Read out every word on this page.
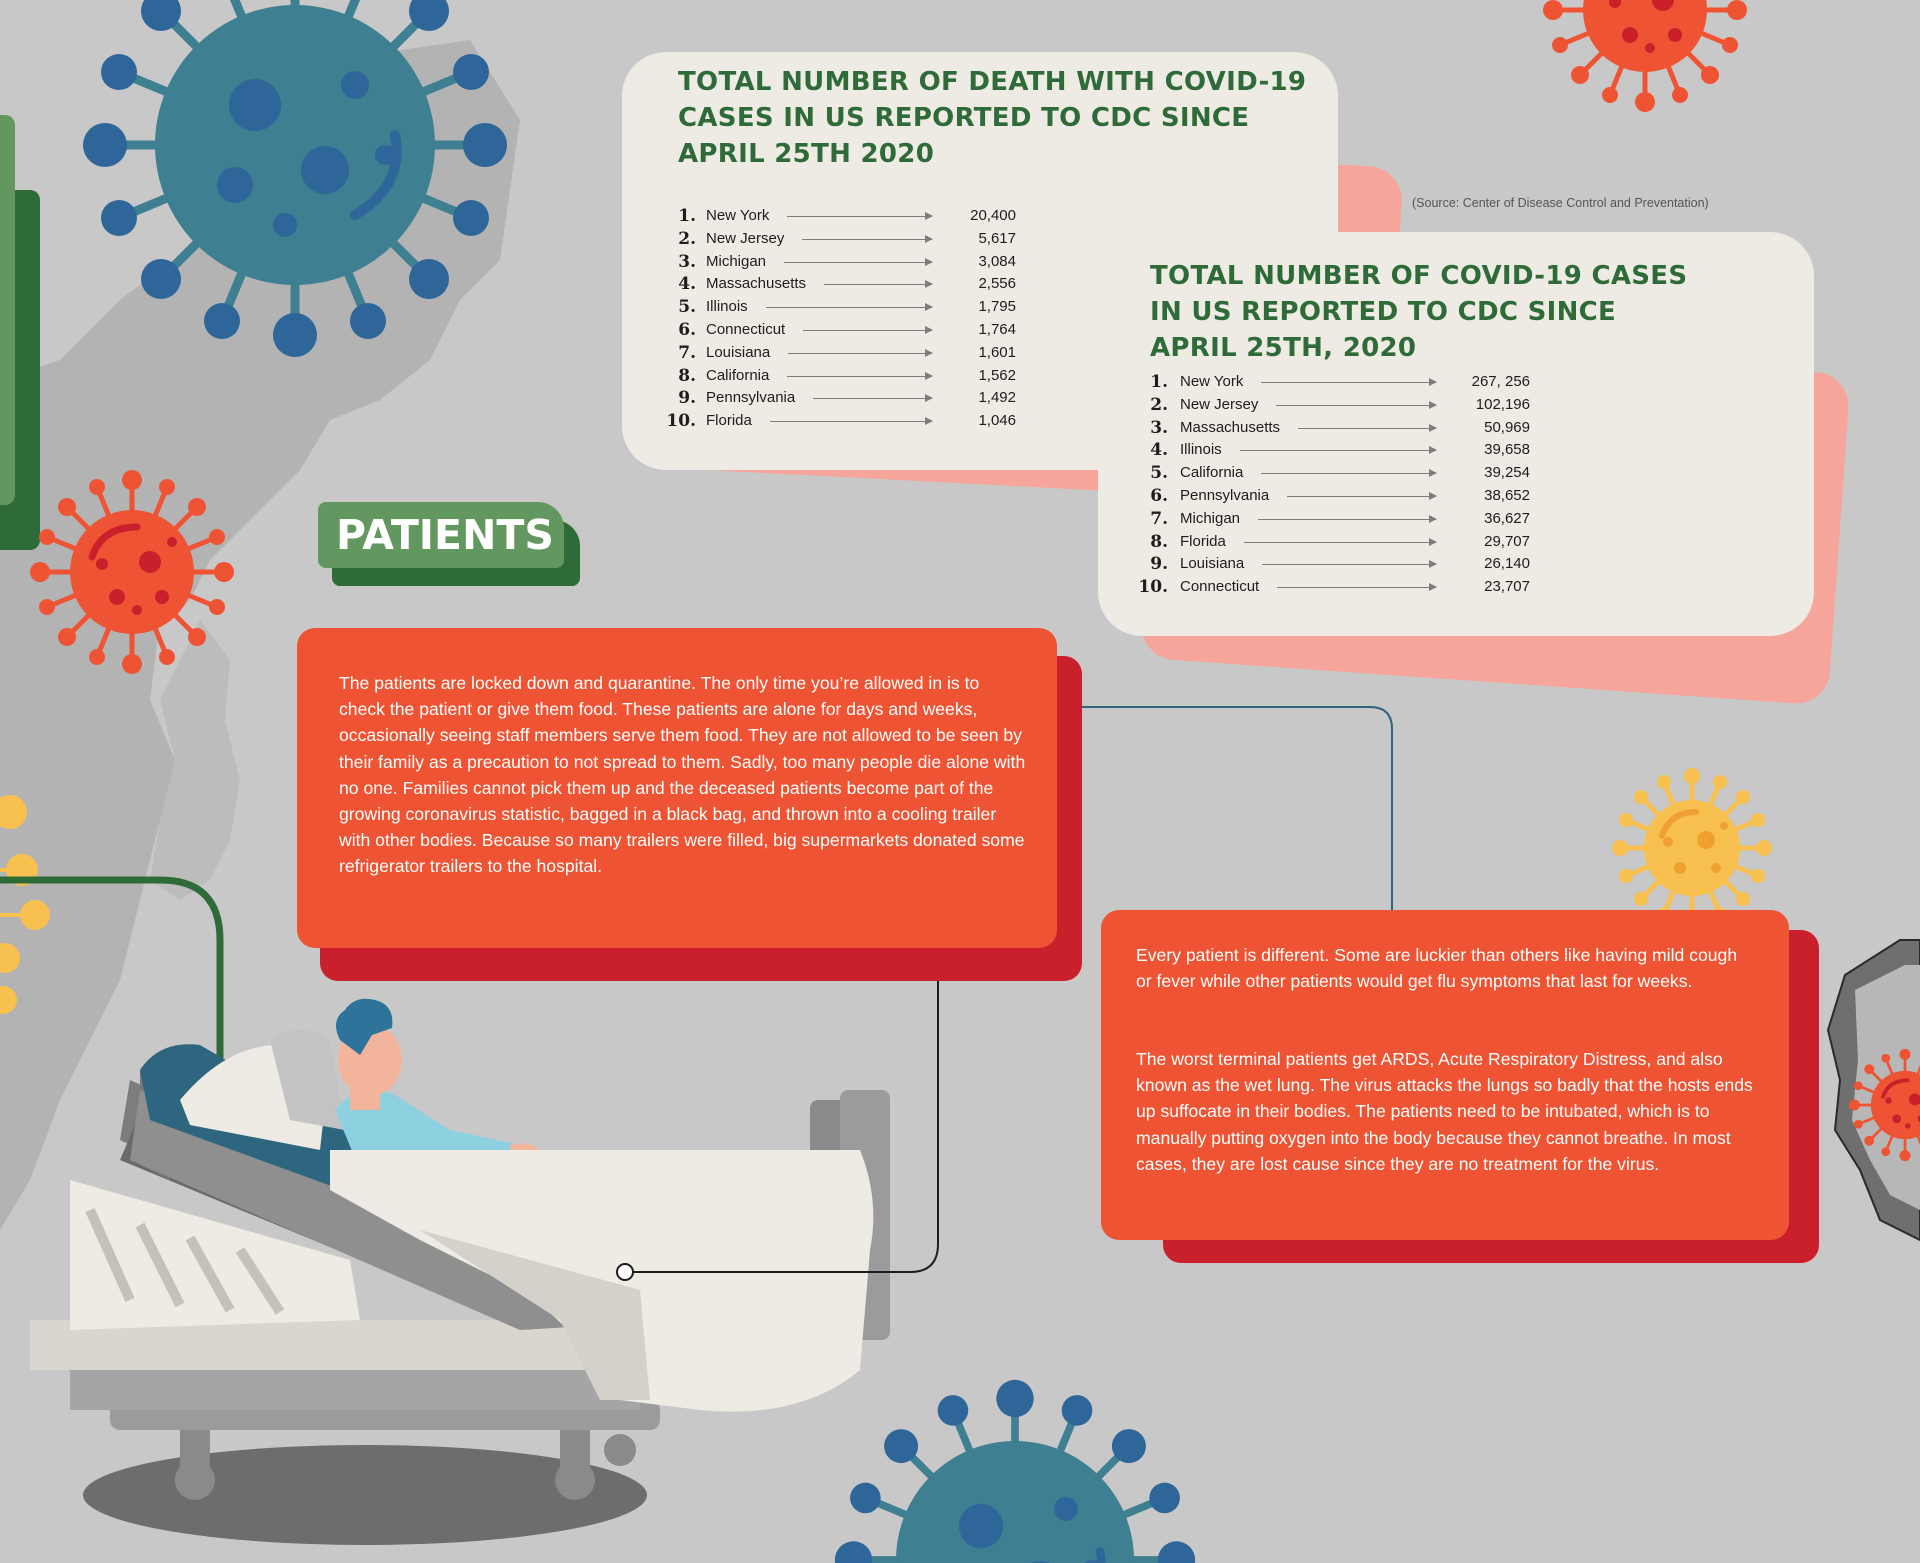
TOTAL NUMBER OF DEATH WITH COVID-19 CASES IN US REPORTED TO CDC SINCE APRIL 25TH 2020
1. New York	20,400
2. New Jersey	5,617
3. Michigan	3,084
4. Massachusetts	2,556
5. Illinois	1,795
6. Connecticut	1,764
7. Louisiana	1,601
8. California	1,562
9. Pennsylvania	1,492
10. Florida	1,046
(Source: Center of Disease Control and Preventation)
TOTAL NUMBER OF COVID-19 CASES IN US REPORTED TO CDC SINCE APRIL 25TH, 2020
1. New York	267, 256
2. New Jersey	102,196
3. Massachusetts	50,969
4. Illinois	39,658
5. California	39,254
6. Pennsylvania	38,652
7. Michigan	36,627
8. Florida	29,707
9. Louisiana	26,140
10. Connecticut	23,707
PATIENTS

The patients are locked down and quarantine. The only time you’re allowed in is to check the patient or give them food. These patients are alone for days and weeks, occasionally seeing staff members serve them food. They are not allowed to be seen by their family as a precaution to not spread to them. Sadly, too many people die alone with no one. Families cannot pick them up and the deceased patients become part of the growing coronavirus statistic, bagged in a black bag, and thrown into a cooling trailer with other bodies. Because so many trailers were filled, big supermarkets donated some refrigerator trailers to the hospital.

Every patient is different. Some are luckier than others like having mild cough or fever while other patients would get flu symptoms that last for weeks.

The worst terminal patients get ARDS, Acute Respiratory Distress, and also known as the wet lung. The virus attacks the lungs so badly that the hosts ends up suffocate in their bodies. The patients need to be intubated, which is to manually putting oxygen into the body because they cannot breathe. In most cases, they are lost cause since they are no treatment for the virus.
